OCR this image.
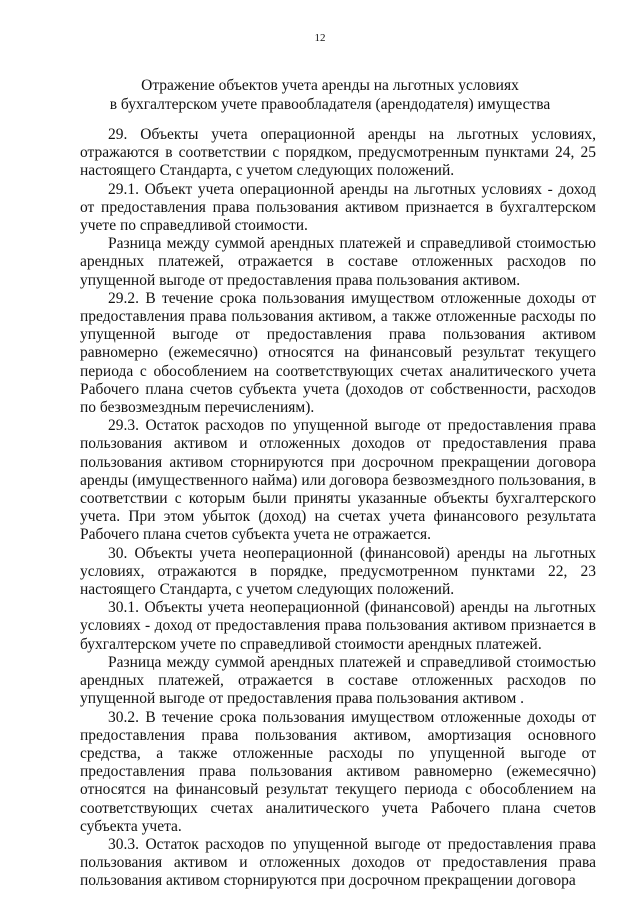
12
Отражение объектов учета аренды на льготных условиях
в бухгалтерском учете правообладателя (арендодателя) имущества

29. Объекты учета операционной аренды на льготных условиях, отражаются в соответствии с порядком, предусмотренным пунктами 24, 25 настоящего Стандарта, с учетом следующих положений.

29.1. Объект учета операционной аренды на льготных условиях - доход от предоставления права пользования активом признается в бухгалтерском учете по справедливой стоимости.

Разница между суммой арендных платежей и справедливой стоимостью арендных платежей, отражается в составе отложенных расходов по упущенной выгоде от предоставления права пользования активом.

29.2. В течение срока пользования имуществом отложенные доходы от предоставления права пользования активом, а также отложенные расходы по упущенной выгоде от предоставления права пользования активом равномерно (ежемесячно) относятся на финансовый результат текущего периода с обособлением на соответствующих счетах аналитического учета Рабочего плана счетов субъекта учета (доходов от собственности, расходов по безвозмездным перечислениям).

29.3. Остаток расходов по упущенной выгоде от предоставления права пользования активом и отложенных доходов от предоставления права пользования активом сторнируются при досрочном прекращении договора аренды (имущественного найма) или договора безвозмездного пользования, в соответствии с которым были приняты указанные объекты бухгалтерского учета. При этом убыток (доход) на счетах учета финансового результата Рабочего плана счетов субъекта учета не отражается.

30. Объекты учета неоперационной (финансовой) аренды на льготных условиях, отражаются в порядке, предусмотренном пунктами 22, 23 настоящего Стандарта, с учетом следующих положений.

30.1. Объекты учета неоперационной (финансовой) аренды на льготных условиях - доход от предоставления права пользования активом признается в бухгалтерском учете по справедливой стоимости арендных платежей.

Разница между суммой арендных платежей и справедливой стоимостью арендных платежей, отражается в составе отложенных расходов по упущенной выгоде от предоставления права пользования активом .

30.2. В течение срока пользования имуществом отложенные доходы от предоставления права пользования активом, амортизация основного средства, а также отложенные расходы по упущенной выгоде от предоставления права пользования активом равномерно (ежемесячно) относятся на финансовый результат текущего периода с обособлением на соответствующих счетах аналитического учета Рабочего плана счетов субъекта учета.

30.3. Остаток расходов по упущенной выгоде от предоставления права пользования активом и отложенных доходов от предоставления права пользования активом сторнируются при досрочном прекращении договора
